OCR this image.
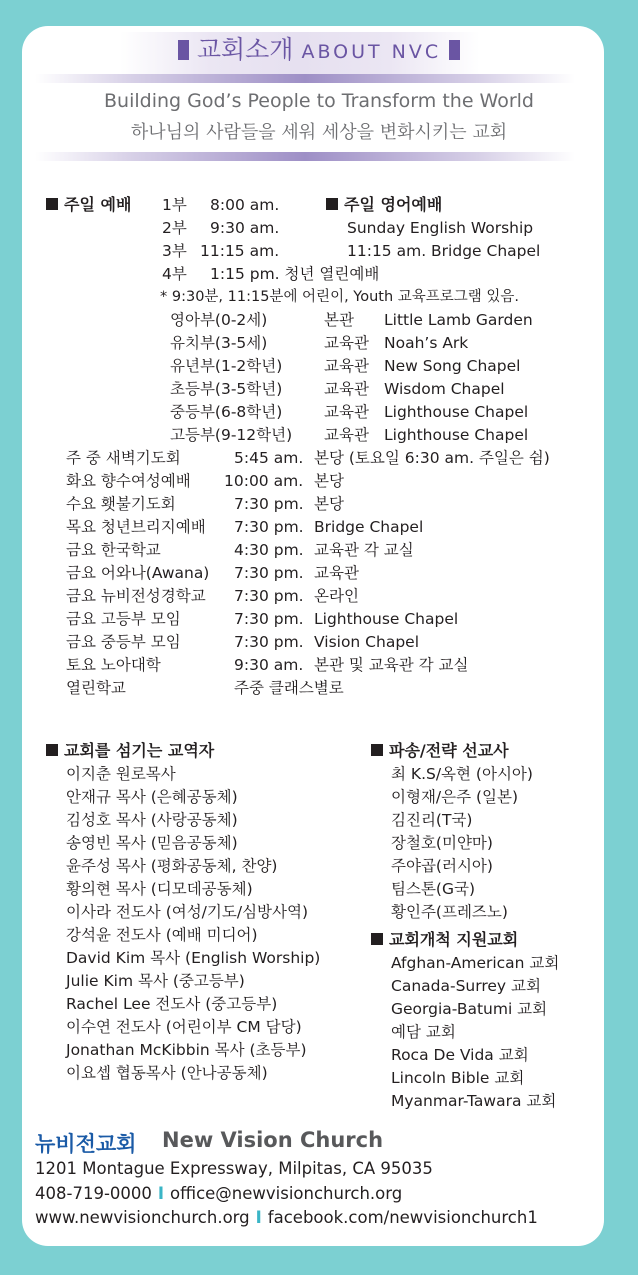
교회소개 ABOUT NVC
Building God’s People to Transform the World
하나님의 사람들을 세워 세상을 변화시키는 교회
주일 예배 1부 8:00 am.
2부 9:30 am.
3부 11:15 am.
4부 1:15 pm. 청년 열린예배
주일 영어예배
Sunday English Worship
11:15 am. Bridge Chapel
* 9:30분, 11:15분에 어린이, Youth 교육프로그램 있음.
영아부(0-2세)	본관 Little Lamb Garden
유치부(3-5세)	교육관 Noah’s Ark
유년부(1-2학년)	교육관 New Song Chapel
초등부(3-5학년)	교육관 Wisdom Chapel
중등부(6-8학년)	교육관 Lighthouse Chapel
고등부(9-12학년) 교육관 Lighthouse Chapel
주 중 새벽기도회	5:45 am. 본당 (토요일 6:30 am. 주일은 쉼)
화요 향수여성예배 10:00 am. 본당
수요 횃불기도회	7:30 pm. 본당
목요 청년브리지예배 7:30 pm. Bridge Chapel
금요 한국학교	4:30 pm. 교육관 각 교실
금요 어와나(Awana) 7:30 pm. 교육관
금요 뉴비전성경학교 7:30 pm. 온라인
금요 고등부 모임	7:30 pm. Lighthouse Chapel
금요 중등부 모임	7:30 pm. Vision Chapel
토요 노아대학	9:30 am. 본관 및 교육관 각 교실
열린학교	주중 클래스별로
교회를 섬기는 교역자
이지춘 원로목사
안재규 목사 (은혜공동체)
김성호 목사 (사랑공동체)
송영빈 목사 (믿음공동체)
윤주성 목사 (평화공동체, 찬양)
황의현 목사 (디모데공동체)
이사라 전도사 (여성/기도/심방사역)
강석윤 전도사 (예배 미디어)
David Kim 목사 (English Worship)
Julie Kim 목사 (중고등부)
Rachel Lee 전도사 (중고등부)
이수연 전도사 (어린이부 CM 담당)
Jonathan McKibbin 목사 (초등부)
이요셉 협동목사 (안나공동체)
파송/전략 선교사
최 K.S/옥현 (아시아)
이형재/은주 (일본)
김진리(T국)
장철호(미얀마)
주야곱(러시아)
팀스톤(G국)
황인주(프레즈노)
교회개척 지원교회
Afghan-American 교회
Canada-Surrey 교회
Georgia-Batumi 교회
예담 교회
Roca De Vida 교회
Lincoln Bible 교회
Myanmar-Tawara 교회
뉴비전교회 New Vision Church
1201 Montague Expressway, Milpitas, CA 95035
408-719-0000 I office@newvisionchurch.org
www.newvisionchurch.org I facebook.com/newvisionchurch1
